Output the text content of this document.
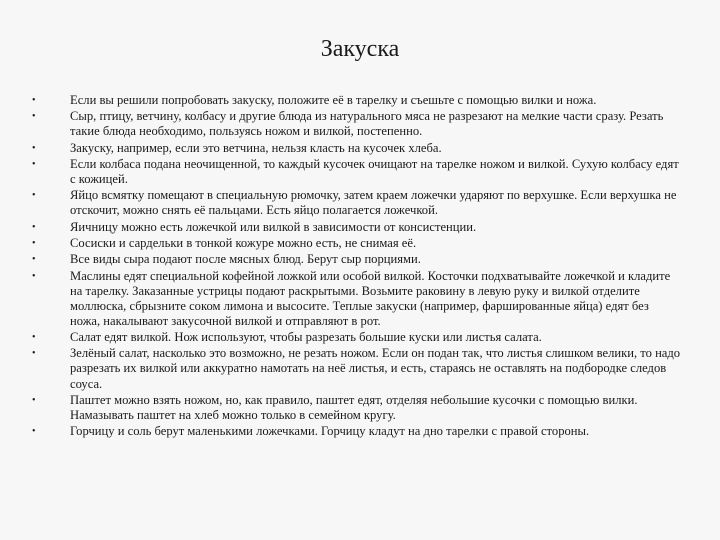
Закуска
•	Если вы решили попробовать закуску, положите её в тарелку и съешьте с помощью вилки и ножа.
•	Сыр, птицу, ветчину, колбасу и другие блюда из натурального мяса не разрезают на мелкие части сразу. Резать такие блюда необходимо, пользуясь ножом и вилкой, постепенно.
•	Закуску, например, если это ветчина, нельзя класть на кусочек хлеба.
•	Если колбаса подана неочищенной, то каждый кусочек очищают на тарелке ножом и вилкой. Сухую колбасу едят с кожицей.
•	Яйцо всмятку помещают в специальную рюмочку, затем краем ложечки ударяют по верхушке. Если верхушка не отскочит, можно снять её пальцами. Есть яйцо полагается ложечкой.
•	Яичницу можно есть ложечкой или вилкой в зависимости от консистенции.
•	Сосиски и сардельки в тонкой кожуре можно есть, не снимая её.
•	Все виды сыра подают после мясных блюд. Берут сыр порциями.
•	Маслины едят специальной кофейной ложкой или особой вилкой. Косточки подхватывайте ложечкой и кладите на тарелку. Заказанные устрицы подают раскрытыми. Возьмите раковину в левую руку и вилкой отделите моллюска, сбрызните соком лимона и высосите. Теплые закуски (например, фаршированные яйца) едят без ножа, накалывают закусочной вилкой и отправляют в рот.
•	Салат едят вилкой. Нож используют, чтобы разрезать большие куски или листья салата.
•	Зелёный салат, насколько это возможно, не резать ножом. Если он подан так, что листья слишком велики, то надо разрезать их вилкой или аккуратно намотать на неё листья, и есть, стараясь не оставлять на подбородке следов соуса.
•	Паштет можно взять ножом, но, как правило, паштет едят, отделяя небольшие кусочки с помощью вилки. Намазывать паштет на хлеб можно только в семейном кругу.
•	Горчицу и соль берут маленькими ложечками. Горчицу кладут на дно тарелки с правой стороны.
